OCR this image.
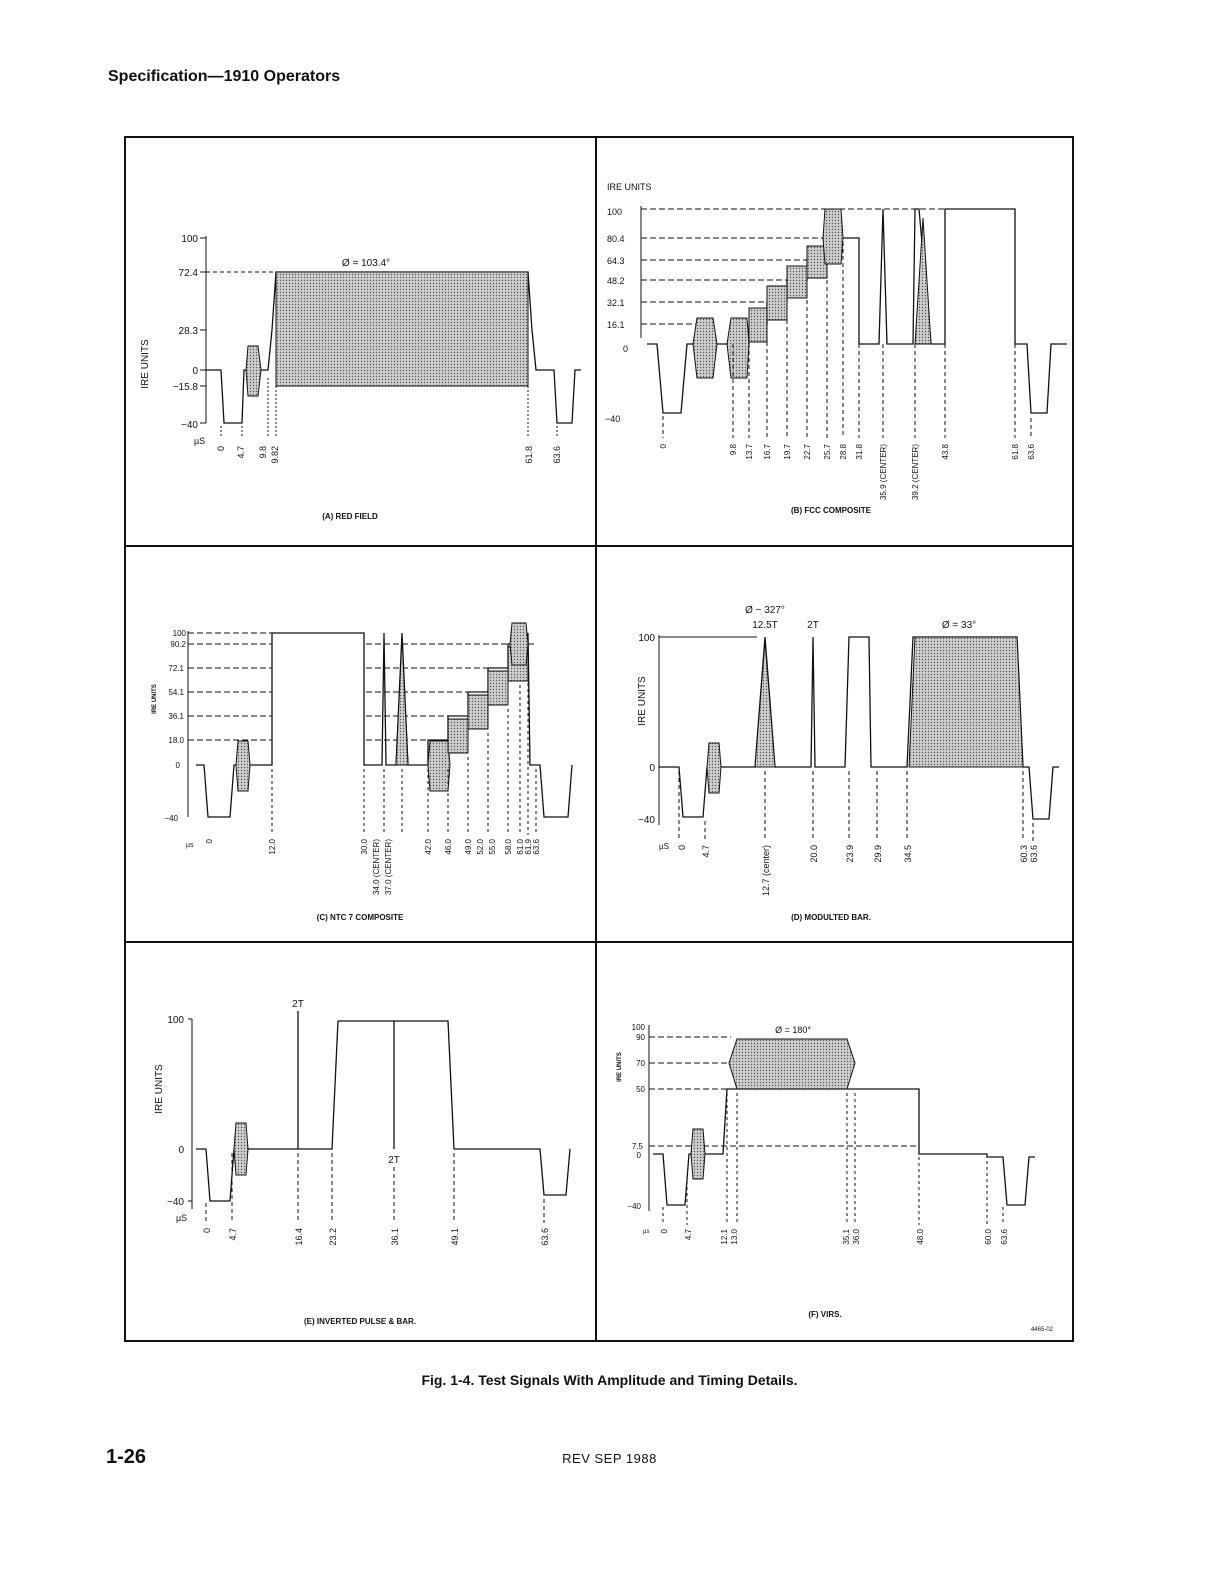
Specification—1910 Operators
IRE UNITS
100
72.4
28.3
0
−15.8
−40
Ø = 103.4°
µS
0 4.7 9.8 9.82	61.8 63.6
(A) RED FIELD
IRE UNITS
100
80.4
64.3
48.2
32.1
16.1
0
−40
0	9.8 13.7 16.7 19.7 22.7 25.7 28.8 31.8 35.9 (CENTER)	39.2 (CENTER)	43.8	61.8 63.6
(B) FCC COMPOSITE
IRE UNITS
100
90.2
72.1
54.1
36.1
18.0
0
−40
µs
0	12.0	30.0 34.0 (CENTER) 37.0 (CENTER)	42.0 46.0 49.0 52.0 55.0 58.0 61.0 61.9 63.6
(C) NTC 7 COMPOSITE
IRE UNITS
100
0
−40
Ø − 327°
12.5T	2T	Ø = 33°
µS 0 4.7	12.7 (center)	20.0	23.9 29.9 34.5	60.3 63.6
(D) MODULTED BAR.
IRE UNITS
100
0
−40
2T
2T
µS
0 4.7	16.4	23.2	36.1	49.1	63.6
(E) INVERTED PULSE & BAR.
IRE UNITS
100
90
70
50
7.5
0
−40
Ø = 180°
µs 0 4.7	12.1 13.0	35.1 36.0	48.0	60.0 63.6
(F) VIRS.
4465-02
Fig. 1-4. Test Signals With Amplitude and Timing Details.
1-26	REV SEP 1988
